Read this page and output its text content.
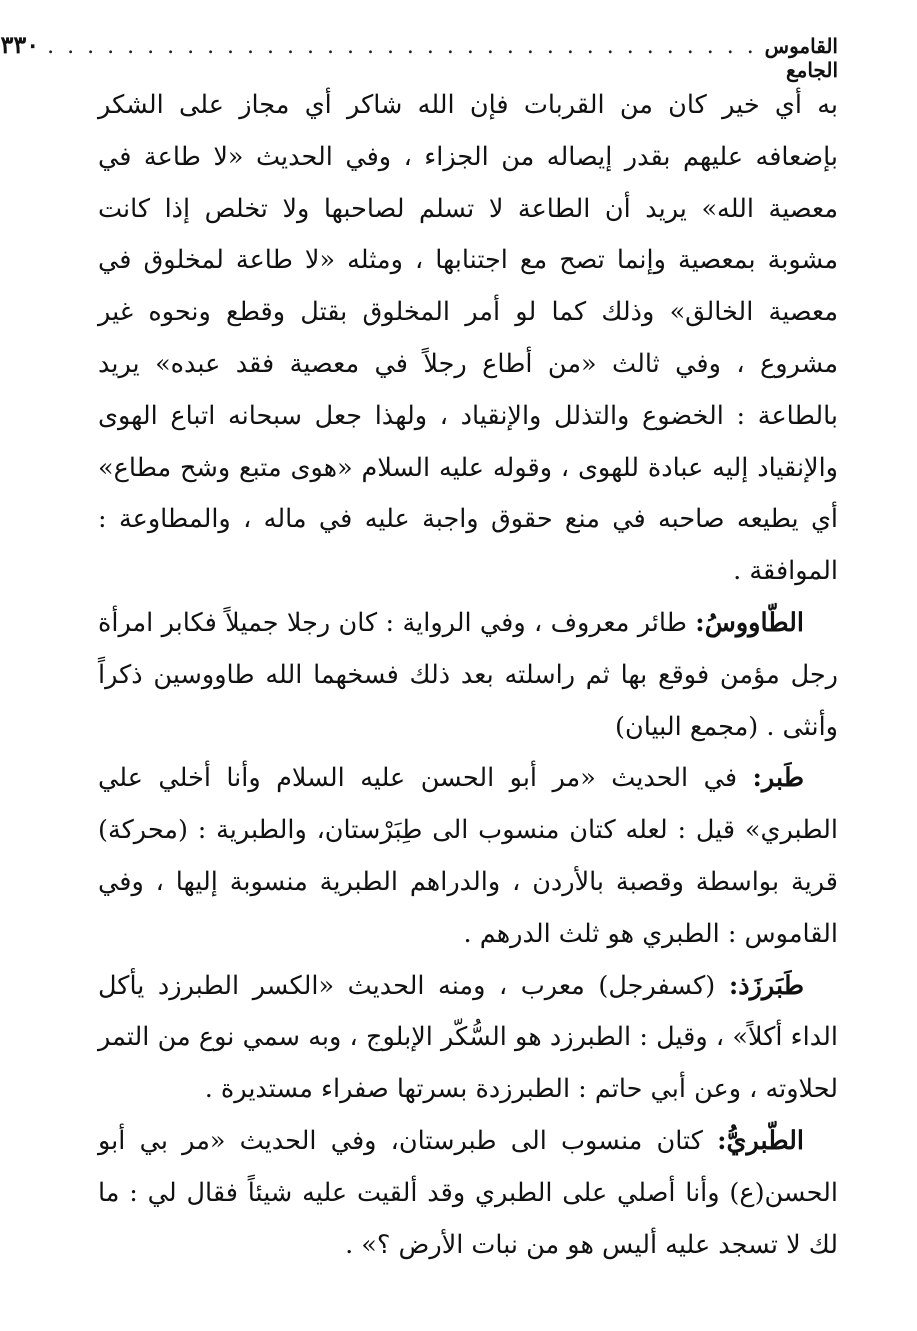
القاموس الجامع
. . . . . . . . . . . . . . . . . . . . . . . . . . . . . . . . . . . .
٣٣٠

به أي خير كان من القربات فإن الله شاكر أي مجاز على الشكر بإضعافه عليهم بقدر إيصاله من الجزاء ، وفي الحديث «لا طاعة في معصية الله» يريد أن الطاعة لا تسلم لصاحبها ولا تخلص إذا كانت مشوبة بمعصية وإنما تصح مع اجتنابها ، ومثله «لا طاعة لمخلوق في معصية الخالق» وذلك كما لو أمر المخلوق بقتل وقطع ونحوه غير مشروع ، وفي ثالث «من أطاع رجلاً في معصية فقد عبده» يريد بالطاعة : الخضوع والتذلل والإنقياد ، ولهذا جعل سبحانه اتباع الهوى والإنقياد إليه عبادة للهوى ، وقوله عليه السلام «هوى متبع وشح مطاع» أي يطيعه صاحبه في منع حقوق واجبة عليه في ماله ، والمطاوعة : الموافقة .

الطّاووسُ: طائر معروف ، وفي الرواية : كان رجلا جميلاً فكابر امرأة رجل مؤمن فوقع بها ثم راسلته بعد ذلك فسخهما الله طاووسين ذكراً وأنثى . (مجمع البيان)

طَبر: في الحديث «مر أبو الحسن عليه السلام وأنا أخلي علي الطبري» قيل : لعله كتان منسوب الى طِبَرْستان، والطبرية : (محركة) قرية بواسطة وقصبة بالأردن ، والدراهم الطبرية منسوبة إليها ، وفي القاموس : الطبري هو ثلث الدرهم .

طَبَرزَذ: (كسفرجل) معرب ، ومنه الحديث «الكسر الطبرزد يأكل الداء أكلاً» ، وقيل : الطبرزد هو السُّكّر الإبلوج ، وبه سمي نوع من التمر لحلاوته ، وعن أبي حاتم : الطبرزدة بسرتها صفراء مستديرة .

الطّبريُّ: كتان منسوب الى طبرستان، وفي الحديث «مر بي أبو الحسن(ع) وأنا أصلي على الطبري وقد ألقيت عليه شيئاً فقال لي : ما لك لا تسجد عليه أليس هو من نبات الأرض ؟» .
